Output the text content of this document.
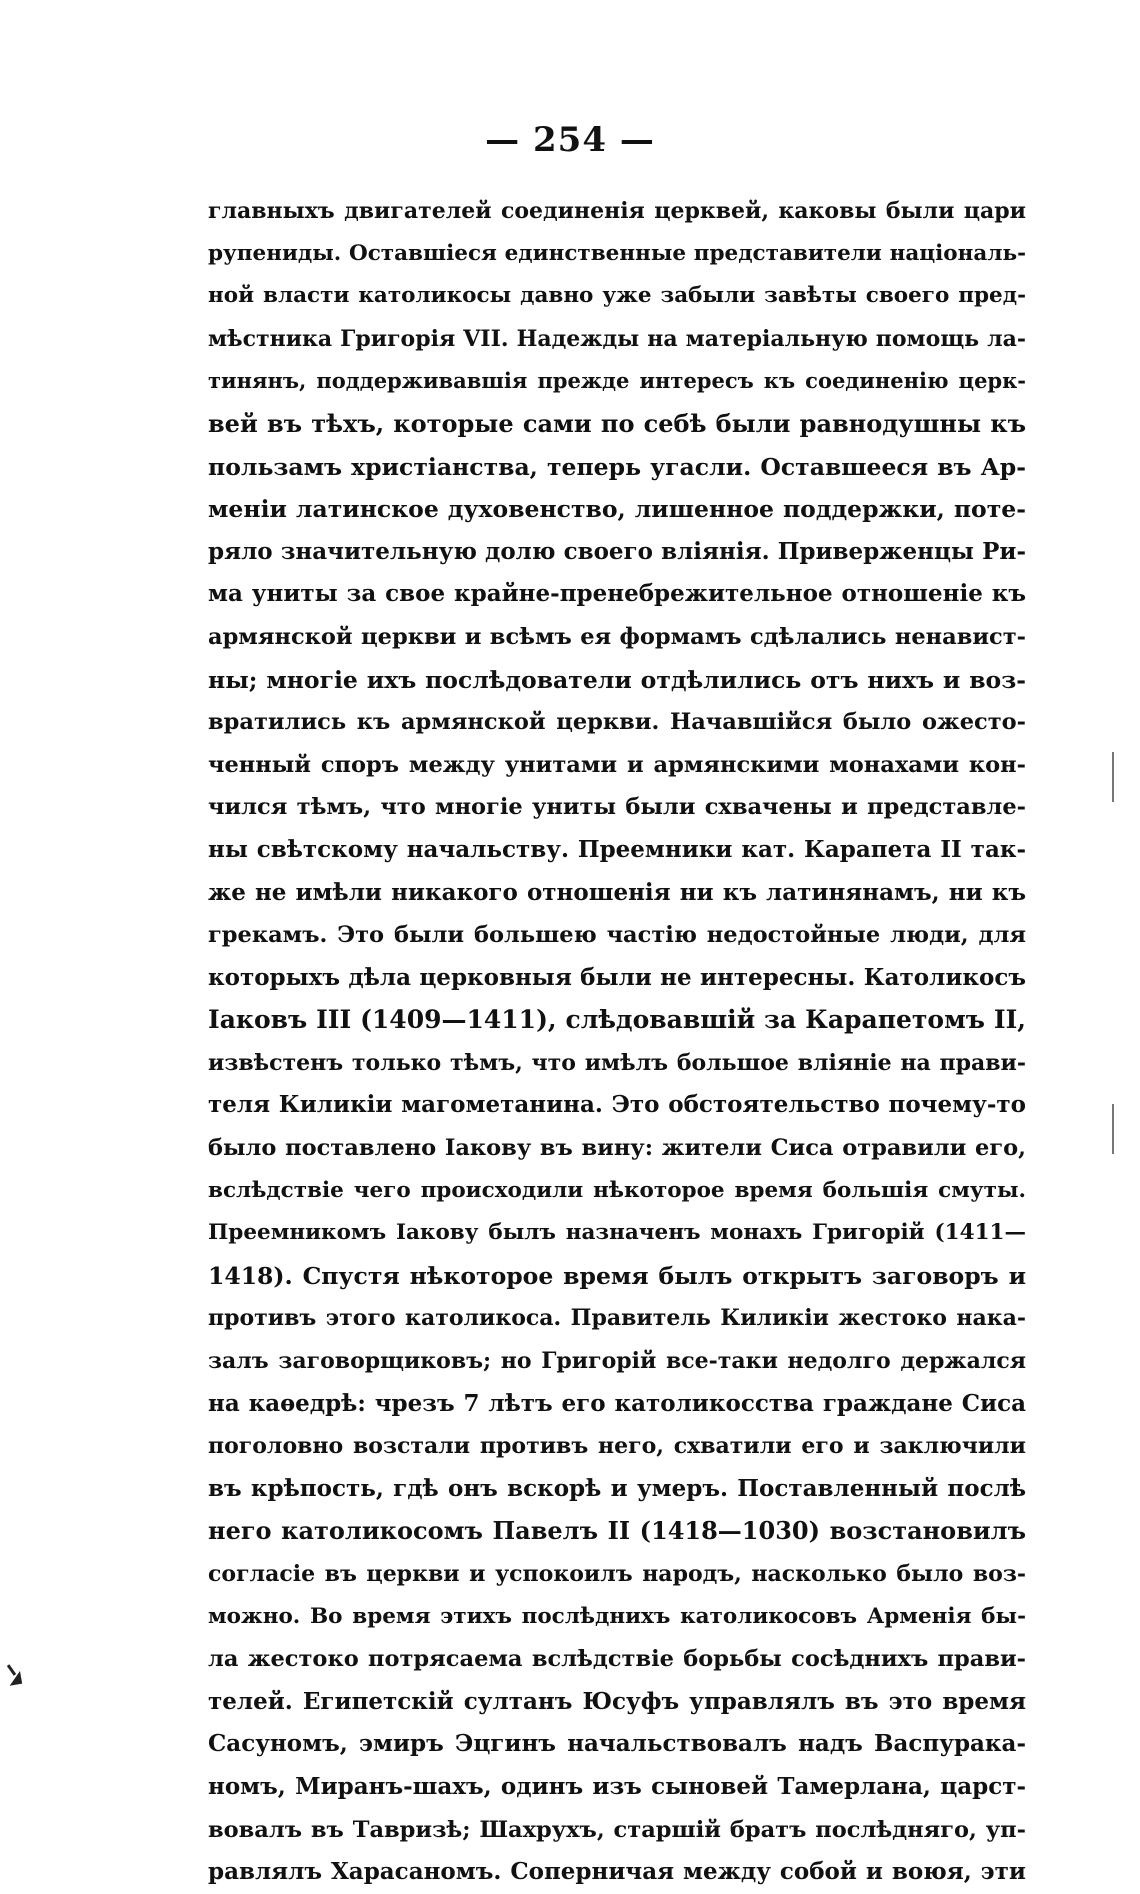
— 254 —
главныхъ двигателей соединенія церквей, каковы были цари
рупениды. Оставшіеся единственные представители національ-
ной власти католикосы давно уже забыли завѣты своего пред-
мѣстника Григорія VII. Надежды на матеріальную помощь ла-
тинянъ, поддерживавшія прежде интересъ къ соединенію церк-
вей въ тѣхъ, которые сами по себѣ были равнодушны къ
пользамъ христіанства, теперь угасли. Оставшееся въ Ар-
меніи латинское духовенство, лишенное поддержки, поте-
ряло значительную долю своего вліянія. Приверженцы Ри-
ма униты за свое крайне-пренебрежительное отношеніе къ
армянской церкви и всѣмъ ея формамъ сдѣлались ненавист-
ны; многіе ихъ послѣдователи отдѣлились отъ нихъ и воз-
вратились къ армянской церкви. Начавшійся было ожесто-
ченный споръ между унитами и армянскими монахами кон-
чился тѣмъ, что многіе униты были схвачены и представле-
ны свѣтскому начальству. Преемники кат. Карапета II так-
же не имѣли никакого отношенія ни къ латинянамъ, ни къ
грекамъ. Это были большею частію недостойные люди, для
которыхъ дѣла церковныя были не интересны. Католикосъ
Іаковъ III (1409—1411), слѣдовавшій за Карапетомъ II,
извѣстенъ только тѣмъ, что имѣлъ большое вліяніе на прави-
теля Киликіи магометанина. Это обстоятельство почему-то
было поставлено Іакову въ вину: жители Сиса отравили его,
вслѣдствіе чего происходили нѣкоторое время большія смуты.
Преемникомъ Іакову былъ назначенъ монахъ Григорій (1411—
1418). Спустя нѣкоторое время былъ открытъ заговоръ и
противъ этого католикоса. Правитель Киликіи жестоко нака-
залъ заговорщиковъ; но Григорій все-таки недолго держался
на каѳедрѣ: чрезъ 7 лѣтъ его католикосства граждане Сиса
поголовно возстали противъ него, схватили его и заключили
въ крѣпость, гдѣ онъ вскорѣ и умеръ. Поставленный послѣ
него католикосомъ Павелъ II (1418—1030) возстановилъ
согласіе въ церкви и успокоилъ народъ, насколько было воз-
можно. Во время этихъ послѣднихъ католикосовъ Арменія бы-
ла жестоко потрясаема вслѣдствіе борьбы сосѣднихъ прави-
телей. Египетскій султанъ Юсуфъ управлялъ въ это время
Сасуномъ, эмиръ Эцгинъ начальствовалъ надъ Васпурака-
номъ, Миранъ-шахъ, одинъ изъ сыновей Тамерлана, царст-
вовалъ въ Тавризѣ; Шахрухъ, старшій братъ послѣдняго, уп-
равлялъ Харасаномъ. Соперничая между собой и воюя, эти
